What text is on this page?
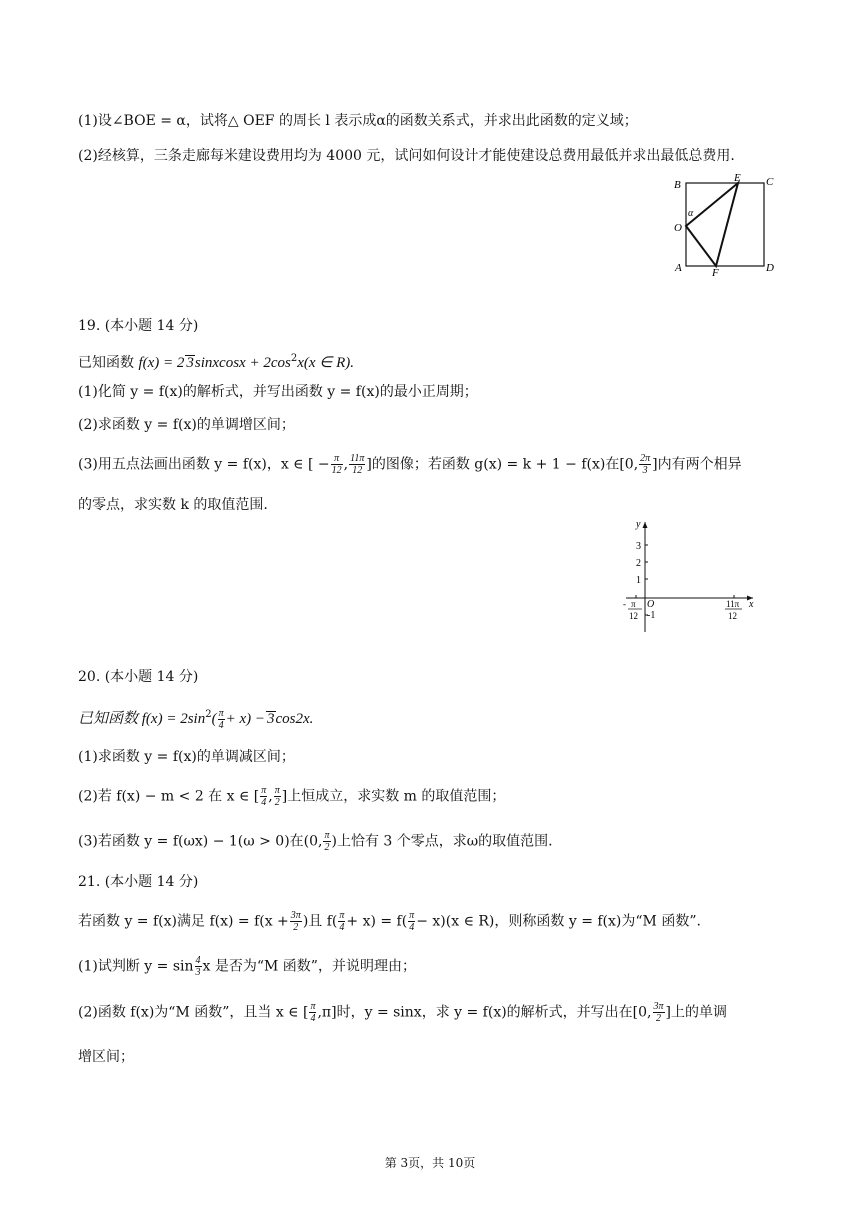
(1)设∠BOE = α，试将△ OEF 的周长 l 表示成α的函数关系式，并求出此函数的定义域；
(2)经核算，三条走廊每米建设费用均为 4000 元，试问如何设计才能使建设总费用最低并求出最低总费用.
B
E C
α
O
A	F	D
19. (本小题 14 分)
已知函数 f(x) = 2 3sinxcosx + $2\cos^2x(x$ ∈ R).
(1)化简 y = f(x)的解析式，并写出函数 y = f(x)的最小正周期；
(2)求函数 y = f(x)的单调增区间；
(3)用五点法画出函数 y = f(x)，x ∈ [ − $\frac{\pi}{12}$ , $\frac{11\pi}{12}$ ]的图像；若函数 g(x) = k + 1 − f(x)在[0, $\frac{2\pi}{3}$ ]内有两个相异
的零点，求实数 k 的取值范围.
y
x
3
2
1
O
-1
- π
12
11π
12
20. (本小题 14 分)
已知函数 $f(x) = 2\sin^2( \frac{\pi}{4} + x) - 3\cos 2x$.
(1)求函数 y = f(x)的单调减区间；
(2)若 f(x) − m < 2 在 x ∈ [ $\frac{\pi}{4}$ , $\frac{\pi}{2}$ ]上恒成立，求实数 m 的取值范围；
(3)若函数 y = f(ωx) − 1(ω > 0)在(0, $\frac{\pi}{2}$ )上恰有 3 个零点，求ω的取值范围.
21. (本小题 14 分)
若函数 y = f(x)满足 $f(x) = f(x + \frac{3\pi}{2}$ )且 $f( \frac{\pi}{4} + x) = f( \frac{\pi}{4} - x)(x$ ∈ R)，则称函数 y = f(x)为“M 函数”.
(1)试判断 $y = \sin \frac{4}{3}$ x 是否为“M 函数”，并说明理由；
(2)函数 f(x)为“M 函数”，且当 x ∈ [ $\frac{\pi}{4} ,\pi$]时，y = sinx，求 y = f(x)的解析式，并写出在[0, $\frac{3\pi}{2}$ ]上的单调
增区间；
第 3页，共 10页
